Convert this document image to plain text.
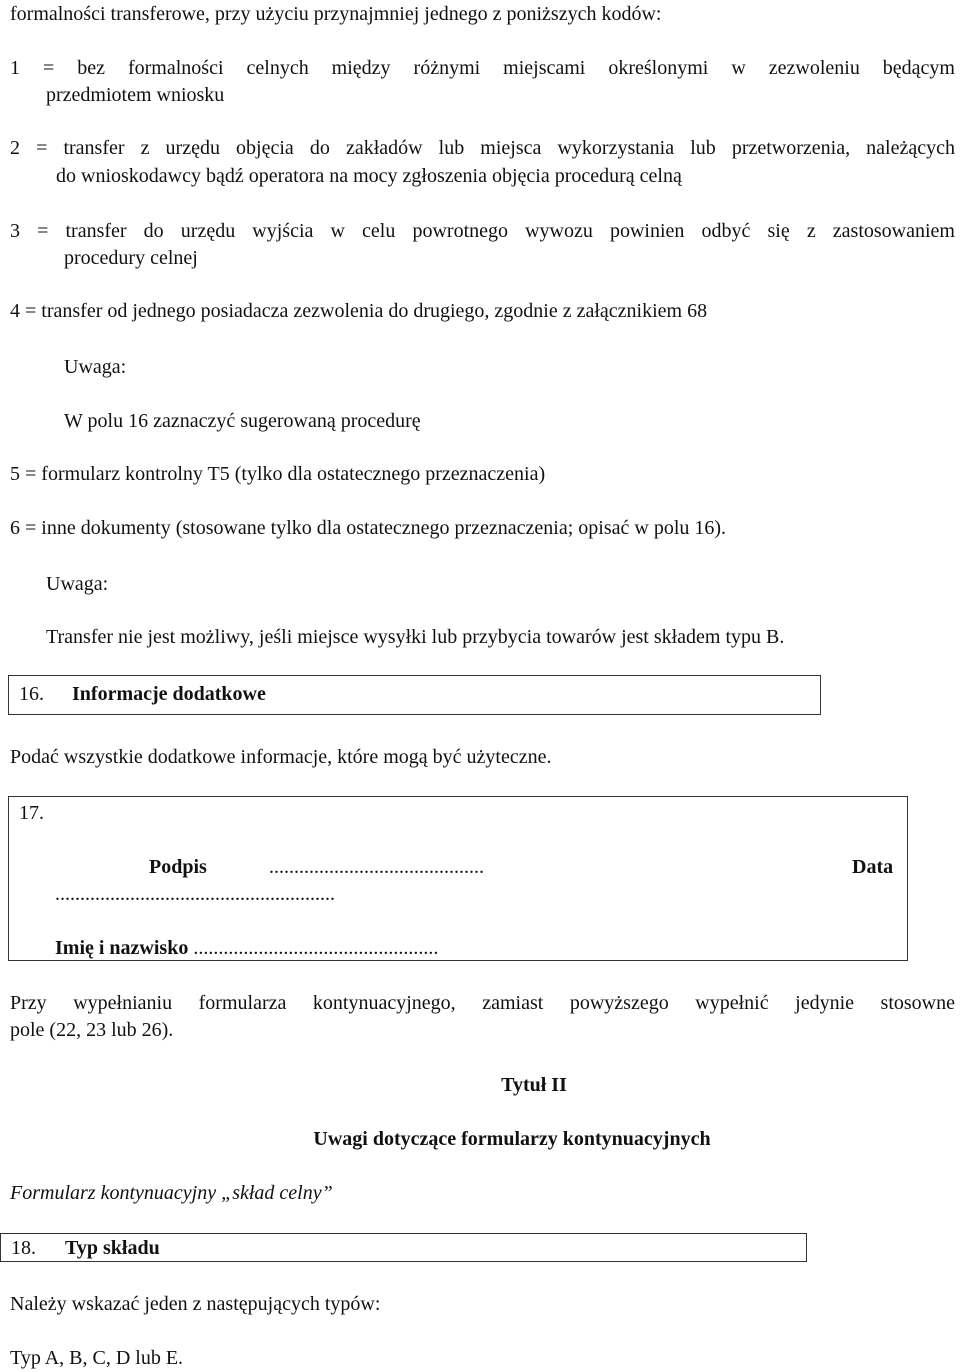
formalności transferowe, przy użyciu przynajmniej jednego z poniższych kodów:
1 = bez formalności celnych między różnymi miejscami określonymi w zezwoleniu będącym
przedmiotem wniosku
2 = transfer z urzędu objęcia do zakładów lub miejsca wykorzystania lub przetworzenia, należących
do wnioskodawcy bądź operatora na mocy zgłoszenia objęcia procedurą celną
3 = transfer do urzędu wyjścia w celu powrotnego wywozu powinien odbyć się z zastosowaniem
procedury celnej
4 = transfer od jednego posiadacza zezwolenia do drugiego, zgodnie z załącznikiem 68
Uwaga:
W polu 16 zaznaczyć sugerowaną procedurę
5 = formularz kontrolny T5 (tylko dla ostatecznego przeznaczenia)
6 = inne dokumenty (stosowane tylko dla ostatecznego przeznaczenia; opisać w polu 16).
Uwaga:
Transfer nie jest możliwy, jeśli miejsce wysyłki lub przybycia towarów jest składem typu B.
16. Informacje dodatkowe
Podać wszystkie dodatkowe informacje, które mogą być użyteczne.
17.
Podpis	...........................................	Data
........................................................
Imię i nazwisko .................................................
Przy wypełnianiu formularza kontynuacyjnego, zamiast powyższego wypełnić jedynie stosowne
pole (22, 23 lub 26).
Tytuł II
Uwagi dotyczące formularzy kontynuacyjnych
Formularz kontynuacyjny „skład celny”
18. Typ składu
Należy wskazać jeden z następujących typów:
Typ A, B, C, D lub E.
